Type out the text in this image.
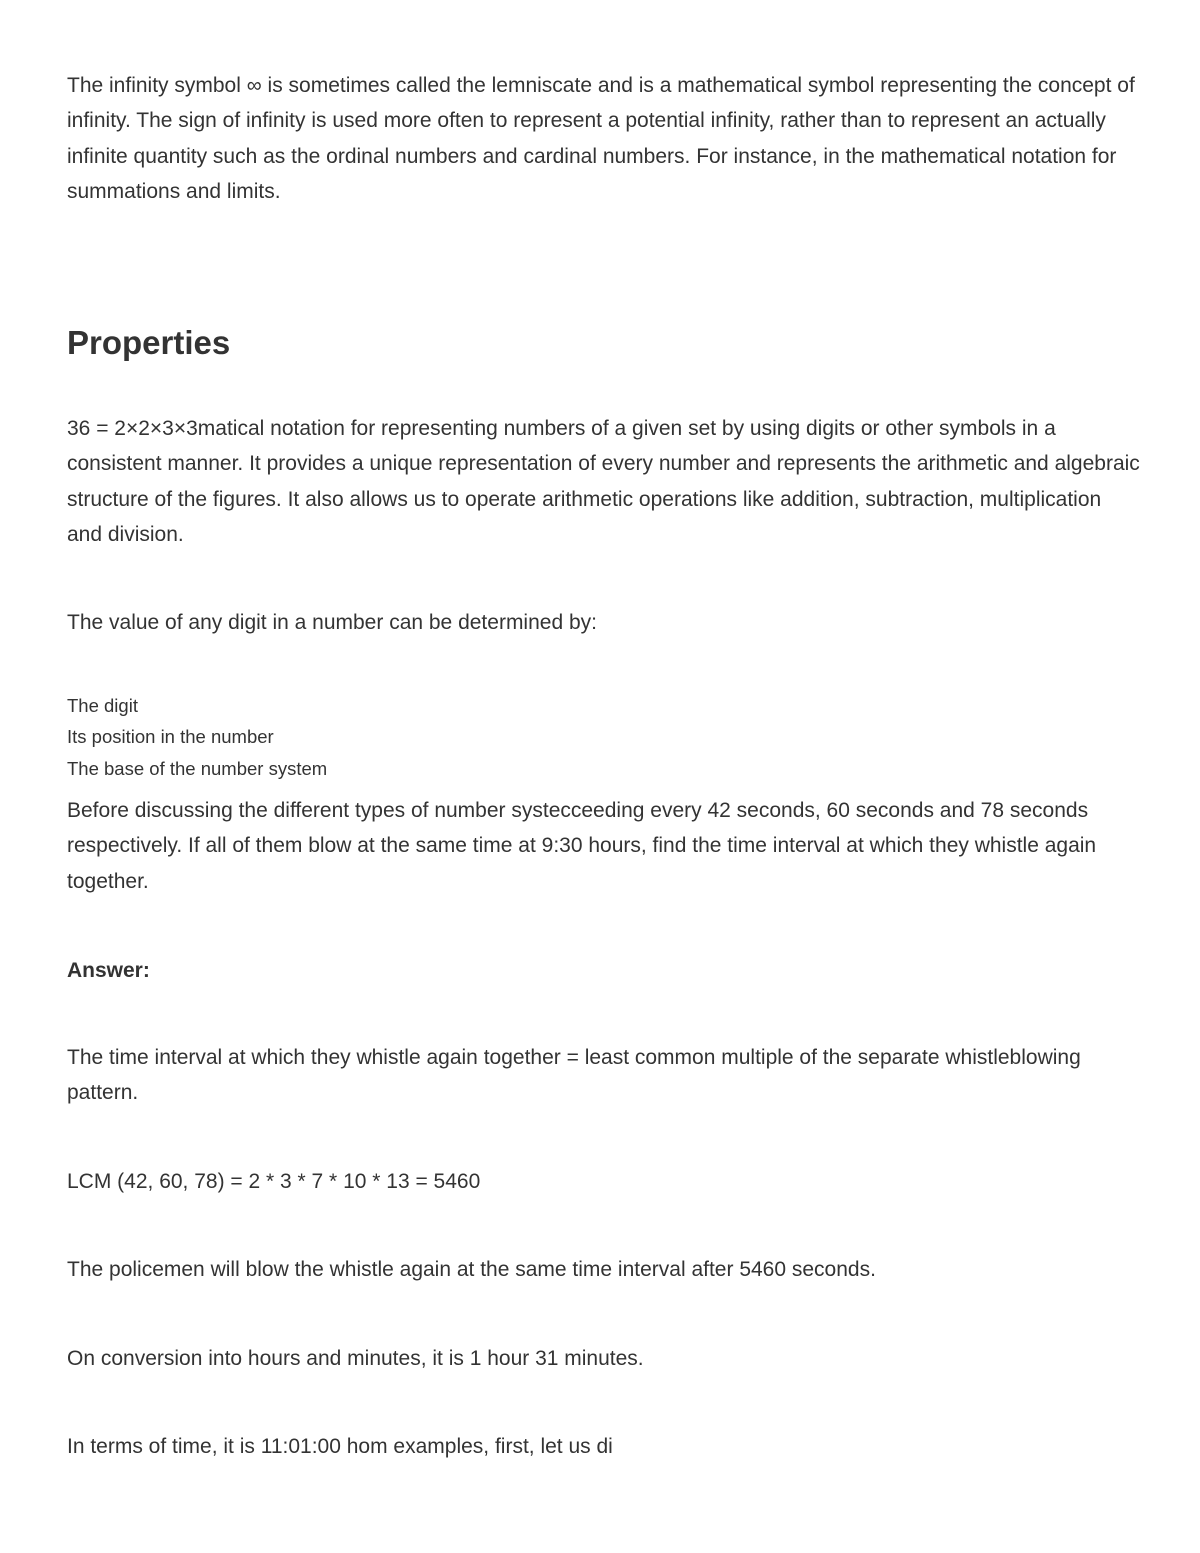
The infinity symbol ∞ is sometimes called the lemniscate and is a mathematical symbol representing the concept of infinity. The sign of infinity is used more often to represent a potential infinity, rather than to represent an actually infinite quantity such as the ordinal numbers and cardinal numbers. For instance, in the mathematical notation for summations and limits.

Properties

36 = 2×2×3×3matical notation for representing numbers of a given set by using digits or other symbols in a consistent manner. It provides a unique representation of every number and represents the arithmetic and algebraic structure of the figures. It also allows us to operate arithmetic operations like addition, subtraction, multiplication and division.

The value of any digit in a number can be determined by:

The digit
Its position in the number
The base of the number system

Before discussing the different types of number systecceeding every 42 seconds, 60 seconds and 78 seconds respectively. If all of them blow at the same time at 9:30 hours, find the time interval at which they whistle again together.

Answer:

The time interval at which they whistle again together = least common multiple of the separate whistleblowing pattern.

LCM (42, 60, 78) = 2 * 3 * 7 * 10 * 13 = 5460

The policemen will blow the whistle again at the same time interval after 5460 seconds.

On conversion into hours and minutes, it is 1 hour 31 minutes.

In terms of time, it is 11:01:00 hom examples, first, let us di
